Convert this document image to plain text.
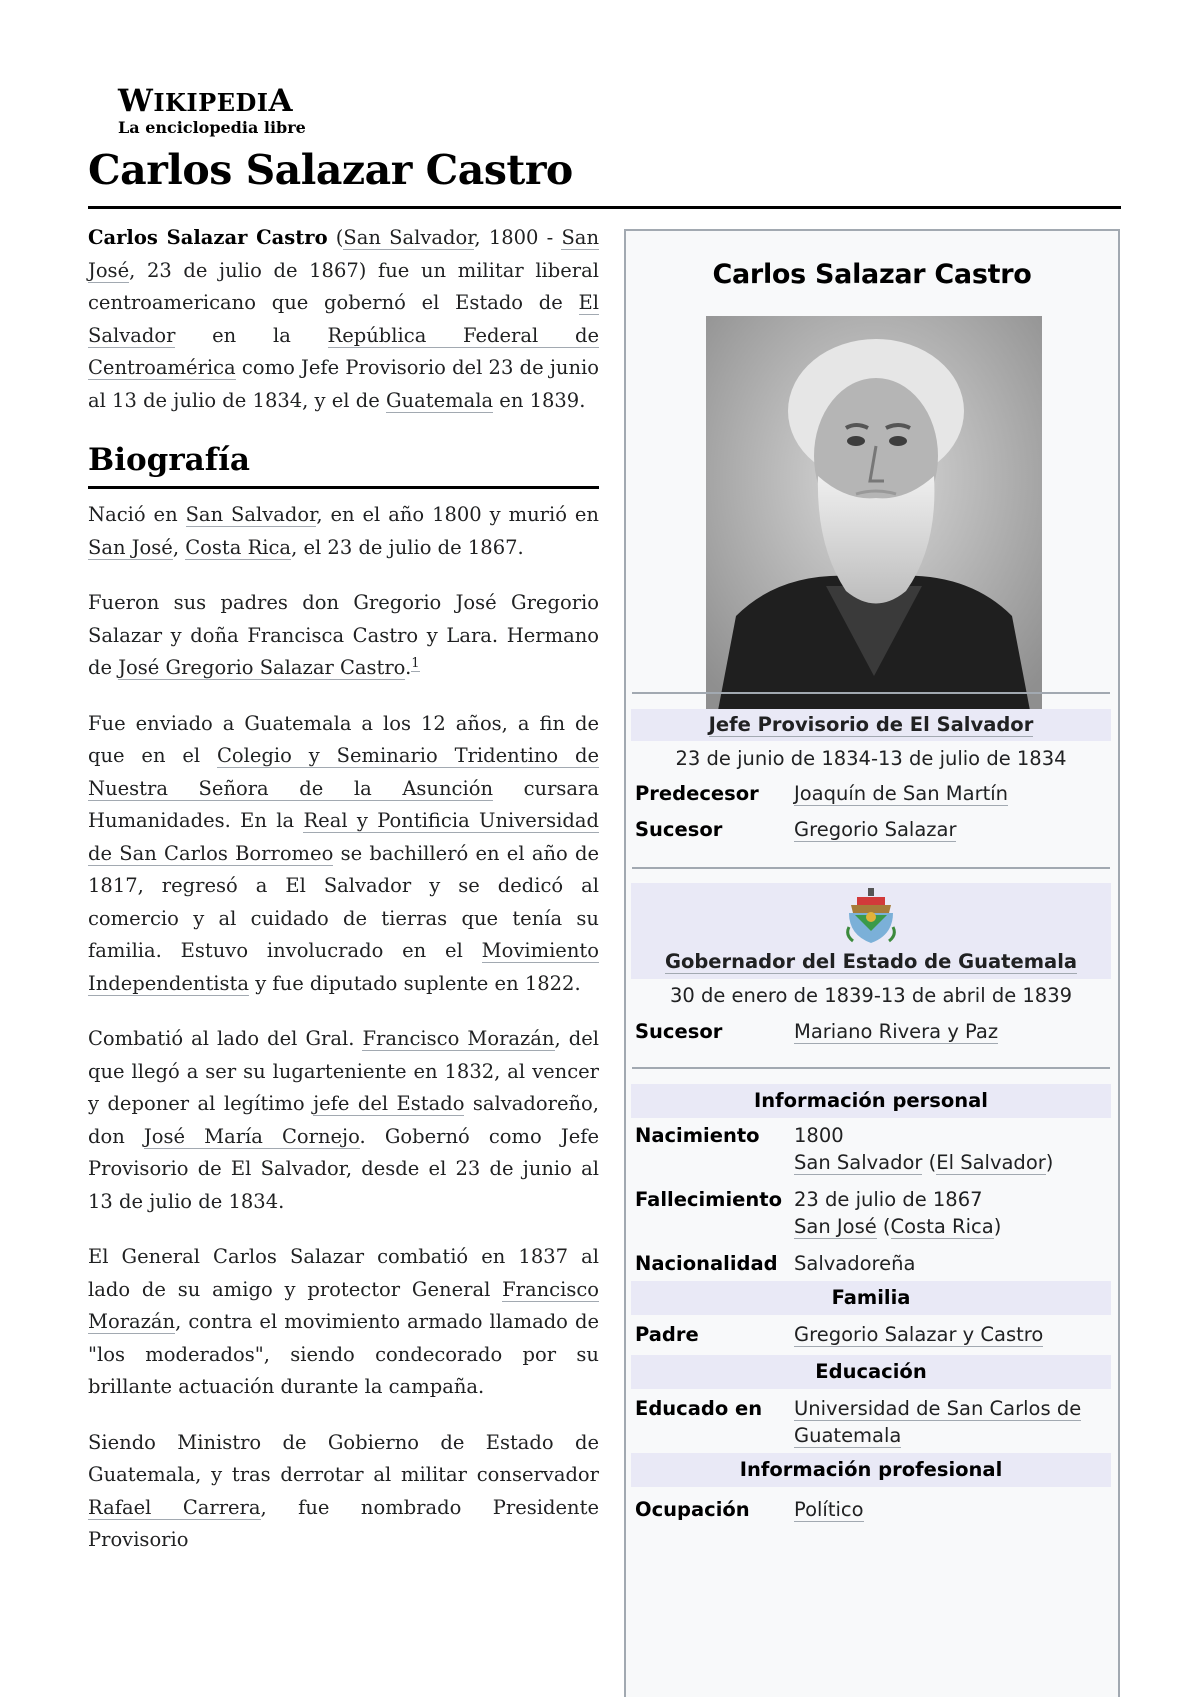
WIKIPEDIA
La enciclopedia libre
Carlos Salazar Castro

Carlos Salazar Castro (San Salvador, 1800 - San José, 23 de julio de 1867) fue un militar liberal centroamericano que gobernó el Estado de El Salvador en la República Federal de Centroamérica como Jefe Provisorio del 23 de junio al 13 de julio de 1834, y el de Guatemala en 1839.

Biografía

Nació en San Salvador, en el año 1800 y murió en San José, Costa Rica, el 23 de julio de 1867.

Fueron sus padres don Gregorio José Gregorio Salazar y doña Francisca Castro y Lara. Hermano de José Gregorio Salazar Castro.$^1$

Fue enviado a Guatemala a los 12 años, a fin de que en el Colegio y Seminario Tridentino de Nuestra Señora de la Asunción cursara Humanidades. En la Real y Pontificia Universidad de San Carlos Borromeo se bachilleró en el año de 1817, regresó a El Salvador y se dedicó al comercio y al cuidado de tierras que tenía su familia. Estuvo involucrado en el Movimiento Independentista y fue diputado suplente en 1822.

Combatió al lado del Gral. Francisco Morazán, del que llegó a ser su lugarteniente en 1832, al vencer y deponer al legítimo jefe del Estado salvadoreño, don José María Cornejo. Gobernó como Jefe Provisorio de El Salvador, desde el 23 de junio al 13 de julio de 1834.

El General Carlos Salazar combatió en 1837 al lado de su amigo y protector General Francisco Morazán, contra el movimiento armado llamado de "los moderados", siendo condecorado por su brillante actuación durante la campaña.

Siendo Ministro de Gobierno de Estado de Guatemala, y tras derrotar al militar conservador Rafael Carrera, fue nombrado Presidente Provisorio

Carlos Salazar Castro
Jefe Provisorio de El Salvador
23 de junio de 1834-13 de julio de 1834
Predecesor Joaquín de San Martín
Sucesor	Gregorio Salazar
Gobernador del Estado de Guatemala
30 de enero de 1839-13 de abril de 1839
Sucesor	Mariano Rivera y Paz
Información personal
Nacimiento 1800
San Salvador (El Salvador)
Fallecimiento 23 de julio de 1867
San José (Costa Rica)
Nacionalidad Salvadoreña
Familia
Padre	Gregorio Salazar y Castro
Educación
Educado en Universidad de San Carlos de Guatemala
Información profesional
Ocupación Político
